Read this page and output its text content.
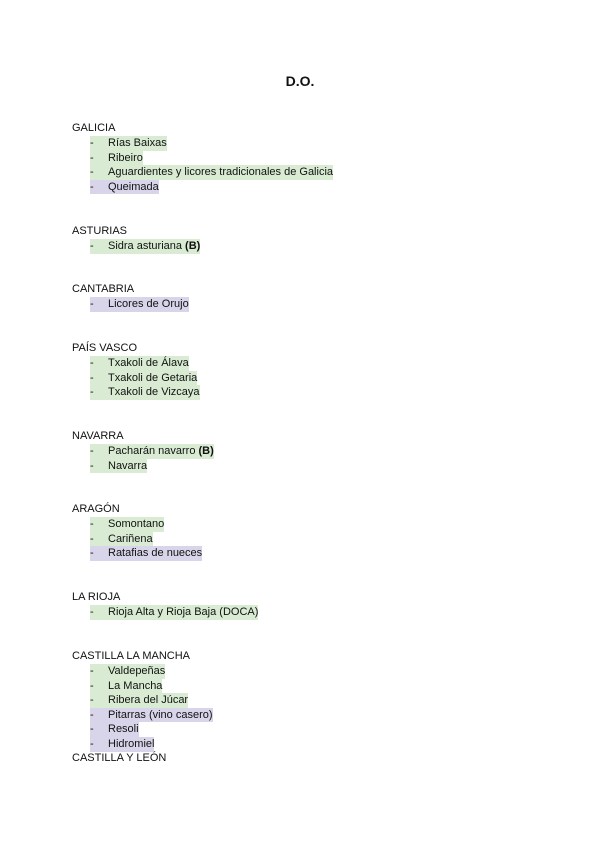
D.O.
GALICIA
- Rías Baixas
- Ribeiro
- Aguardientes y licores tradicionales de Galicia
- Queimada
ASTURIAS
- Sidra asturiana (B)
CANTABRIA
- Licores de Orujo
PAÍS VASCO
- Txakoli de Álava
- Txakoli de Getaria
- Txakoli de Vizcaya
NAVARRA
- Pacharán navarro (B)
- Navarra
ARAGÓN
- Somontano
- Cariñena
- Ratafias de nueces
LA RIOJA
- Rioja Alta y Rioja Baja (DOCA)
CASTILLA LA MANCHA
- Valdepeñas
- La Mancha
- Ribera del Júcar
- Pitarras (vino casero)
- Resoli
- Hidromiel
CASTILLA Y LEÓN
